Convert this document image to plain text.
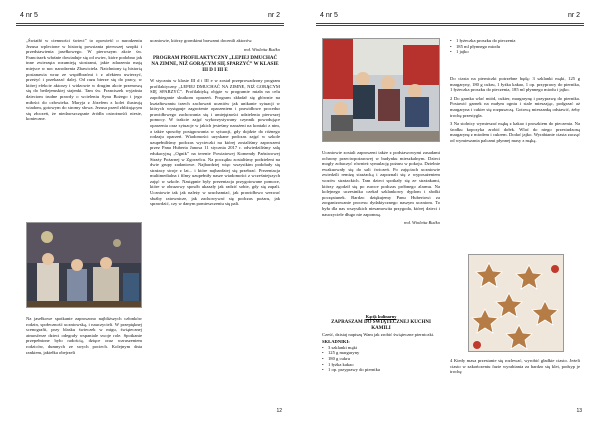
4 nr 5	nr 2

„Światłó w ciemności świeci” to opowieść o narodzeniu Jezusa wplecione w historię powstania pierwszej szopki i przedstawienia jasełkowego. W pierwszym akcie św. Franciszek właśnie dowiaduje się od owiec, które podobno jak inne zwierzęta rozumieją siostrami, jakie zdarzenia mają miejsce w noc narodzenia Zbawiciela. Natchniony tą historią postanawia wraz ze współbraćmi i z afekiem uwierzyć, przeżyć i przekazać dalej. Od razu bierze się do pracy, w której efekcie aktorzy i widzowie w drugim akcie przenoszą się do betlejemskiej stajenki. Tam św. Franciszek wyjaśnia dzieciom trudne prawdy o wcieleniu Syna Bożego i jego miłości do człowieka. Maryja z Józefem z kolei ilustrują wiadom, gotowym do stromy słowa. Jezusa przed zbliżającym się złoczeń, że niedawszczęsnie źródła ostrożnośći niesie, konieczne.

Na jasełkowe spotkanie zaproszono najbliższych członków rodzin, społeczność uczniowską, i nauczycieli. W przepięknej scenografii, przy blasku świeczek w migu, świątecznej atmosferze dzieci odegrały wspaniale swoje role. Spotkanie przepełnione było radością, dzięce oraz wzruszeniem rodziców, dumnych ze swych pociech. Kolejnym dnia rankiem, jakiełka obejrzeli

uczniowie, którzy gromkimi brawami docenili aktorów.

red. Wioletta Bućko
PROGRAM PROFILAKTYCZNY „LEPIEJ DMUCHAĆ NA ZIMNE, NIŻ GORĄCYM SIĘ SPARZYĆ” W KLASIE III D I III E

W styczniu w klasie III d i III e w został przeprowadzony program profilaktyczny „LEPIEJ DMUCHAĆ NA ZIMNE, NIŻ GORĄCYM SIĘ SPARZYĆ”. Profilaktyką objęte w programie miała na celu zapobieganie skutkom oparzeń. Program składał się głównie na kształtowaniu trzech zachowań uczniów jak unikanie sytuacji w których występuje zagrożenie oparzeniem i prawidłowe procedur prawidłowego zachowania się i umiejętności udzielenia pierwszej pomocy. W trakcie zajęć wykorzystywany czynnik powodujące oparzenia oraz sytuacje w jakich jesteśmy narażeni na kontakt z nim, a także sposoby postępowania w sytuacji, gdy dojdzie do różnego rodzaju oparzeń. Wiadomości uzyskane podczas zajęć w szkole uzupełniliśmy podczas wycieczki na której zostaliśmy zaproszeni przez Pana Huberta Janosa 11 stycznia 2017 r. odwiedziliśmy salę edukacyjną „Ognik” na terenie Powiatowej Komendy Państwowej Straży Pożarnej w Zgorzelcu. Na początku zostaliśmy podzieleni na dwie grupy zadaniowe. Najbardziej więc wszystkim podobały się strażacy stroje z lat... i które najbardziej się przebrać. Prezentacja multimedialna i filmy uzupełniły nasze wiadomości z wcześniejszych zajęć w szkole. Następnie były prezentacja przygotowane pomoce, które w obrazowy sposób ukazały jak radzić sobie, gdy się zapali. Uczniowie tak jak należy w uruchamiać, jak prawidłowo wezwać służby ratownicze, jak zachowywać się podczas pożaru, jak sprawdzić, czy w danym pomieszczeniu się pali.

12
4 nr 5	nr 2

Uczniowie zostali zaproszeni także z podstawowymi zasadami ochrony przeciwpożarowej w budynku mieszkalnym. Dzieci mogły zobaczyć również symulację pożaru w pokoju. Dzielnie ewakuowały się do sali ćwiczeń. Po zajęciach uczniowie zwiedzili remizę strażacką i zapoznali się z wyposażeniem wozów strażackich. Tam dzieci spotkały się ze strażakami, którzy zgodził się po ruroce podczas próbnego alarmu. Na kolejnego uczestnika czekał szklankowy dyplom i słodki poczęstunek. Bardzo dziękujemy Panu Hubertowi za zorganizowanie procesu dydaktycznego naszym uczniom. To była dla nas wszystkich niesamowita przygoda, której dzieci i nauczyciele długo nie zapomną.

red. Wioletta Bućko
Kącik kulinarny
ZAPRASZAM DO ŚWIĄTECZNEJ KUCHNI KAMILI

Cześć, dzisiaj napiszę Wam jak zrobić świąteczne pierniczki.

SKŁADNIKI:
• 3 szklanki mąki
• 125 g margaryny
• 180 g cukru
• 1 łyżka kakao
• 1 op. przyprawy do piernika
• 1 łyżeczka proszku do pieczenia
• 185 ml płynnego miodu
• 1 jajko
Do ciasta na pierniczki potrzebne będą: 3 szklanki mąki, 125 g margaryny, 180 g cukru, 1 łyżka kakao, 1 op. przyprawy do piernika, 1 łyżeczka proszku do pieczenia, 185 ml płynnego miodu i jajko.
2 Do garnka wlać miód, cukier, margarynę i przyprawę do piernika. Postawić garnek na małym ogniu i stale mieszając, podgrzać aż margaryna i cukier się rozpuszczą. Gotową mieszankę odstawić, żeby trochę przestygła.
3 Na stolnicy wymieszać mąkę z kakao i proszkiem do pieczenia. Na środku kopczyka zrobić dołek. Wlać do niego przestudzoną margarynę z miodem i cukrem. Dodać jajko. Wyrabianie ciasta zacząć od wymieszania palcami płynnej masy z mąką.
4 Kiedy masa przestanie się rozlewać, wyrobić gładkie ciasto. Jeżeli ciasto w zakończeniu fazie wyrabiania za bardzo się klei, podsyp je trochę
13
